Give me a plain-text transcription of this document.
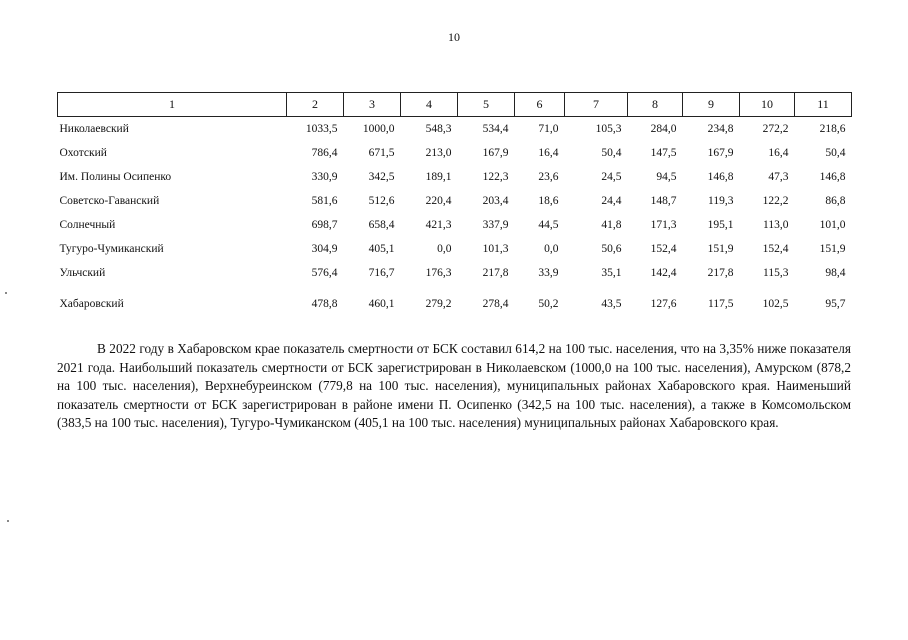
10
1	2	3	4	5	6	7	8	9	10	11
Николаевский	1033,5	1000,0	548,3	534,4	71,0	105,3	284,0	234,8	272,2	218,6
Охотский	786,4	671,5	213,0	167,9	16,4	50,4	147,5	167,9	16,4	50,4
Им. Полины Осипенко	330,9	342,5	189,1	122,3	23,6	24,5	94,5	146,8	47,3	146,8
Советско-Гаванский	581,6	512,6	220,4	203,4	18,6	24,4	148,7	119,3	122,2	86,8
Солнечный	698,7	658,4	421,3	337,9	44,5	41,8	171,3	195,1	113,0	101,0
Тугуро-Чумиканский	304,9	405,1	0,0	101,3	0,0	50,6	152,4	151,9	152,4	151,9
Ульчский	576,4	716,7	176,3	217,8	33,9	35,1	142,4	217,8	115,3	98,4

Хабаровский	478,8	460,1	279,2	278,4	50,2	43,5	127,6	117,5	102,5	95,7

В 2022 году в Хабаровском крае показатель смертности от БСК составил 614,2 на 100 тыс. населения, что на 3,35% ниже показателя 2021 года. Наибольший показатель смертности от БСК зарегистрирован в Николаевском (1000,0 на 100 тыс. населения), Амурском (878,2 на 100 тыс. населения), Верхнебуреинском (779,8 на 100 тыс. населения), муниципальных районах Хабаровского края. Наименьший показатель смертности от БСК зарегистрирован в районе имени П. Осипенко (342,5 на 100 тыс. населения), а также в Комсомольском (383,5 на 100 тыс. населения), Тугуро-Чумиканском (405,1 на 100 тыс. населения) муниципальных районах Хабаровского края.
